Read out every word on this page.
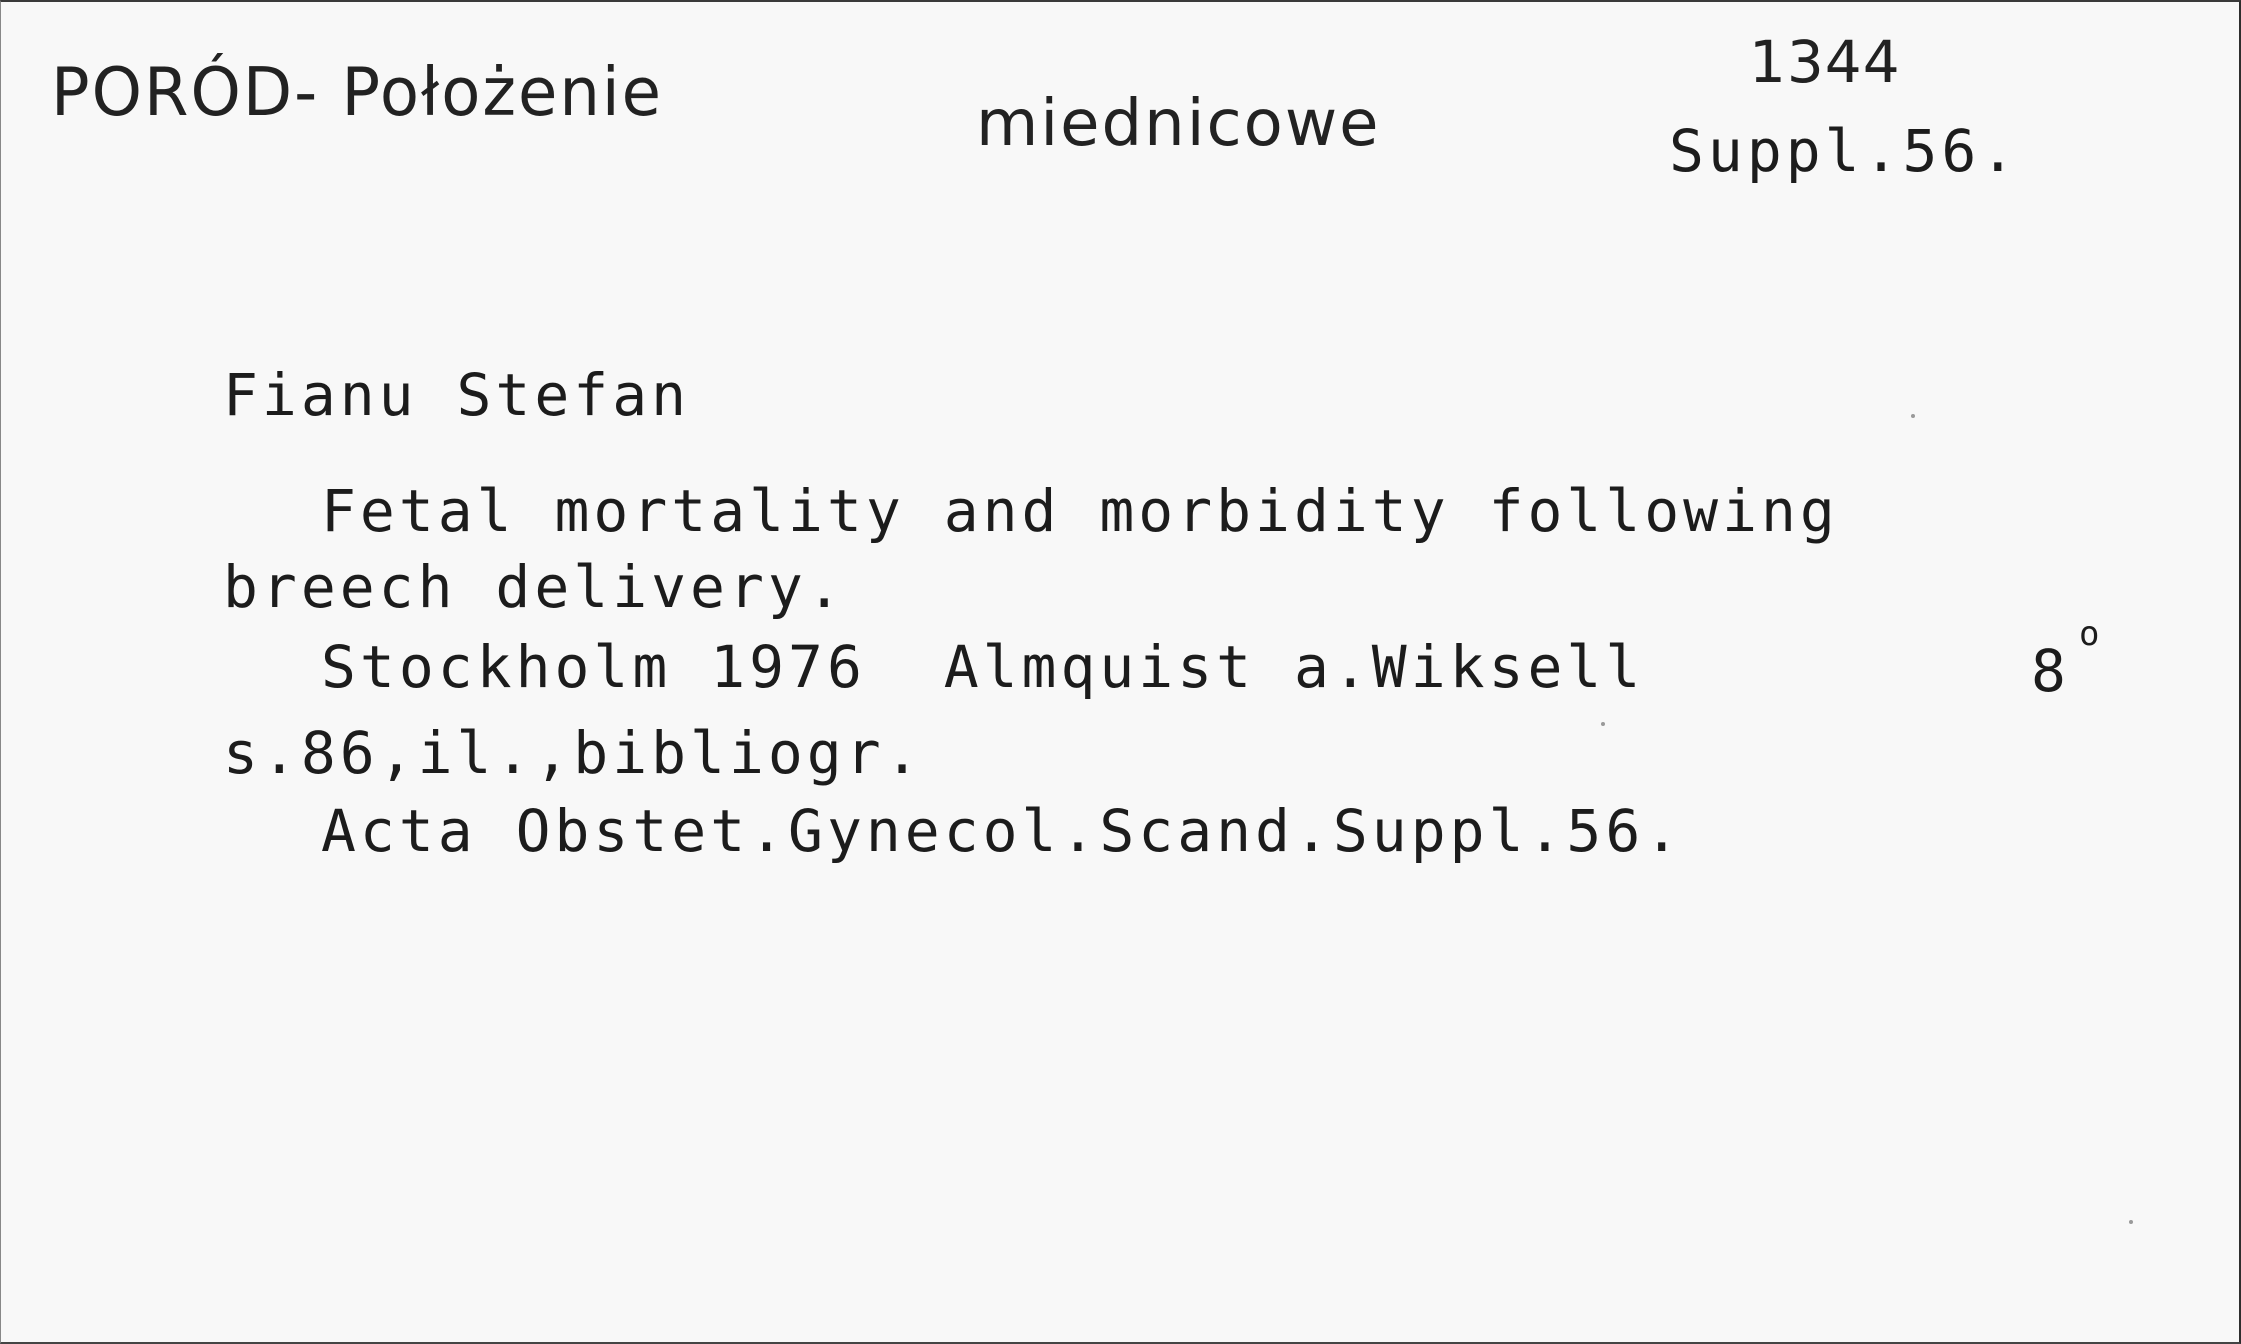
PORÓD- Położenie	miednicowe
1344
Suppl.56.
Fianu Stefan
Fetal mortality and morbidity following
breech delivery.
Stockholm 1976  Almquist a.Wiksell	8
o
s.86,il.,bibliogr.
Acta Obstet.Gynecol.Scand.Suppl.56.
